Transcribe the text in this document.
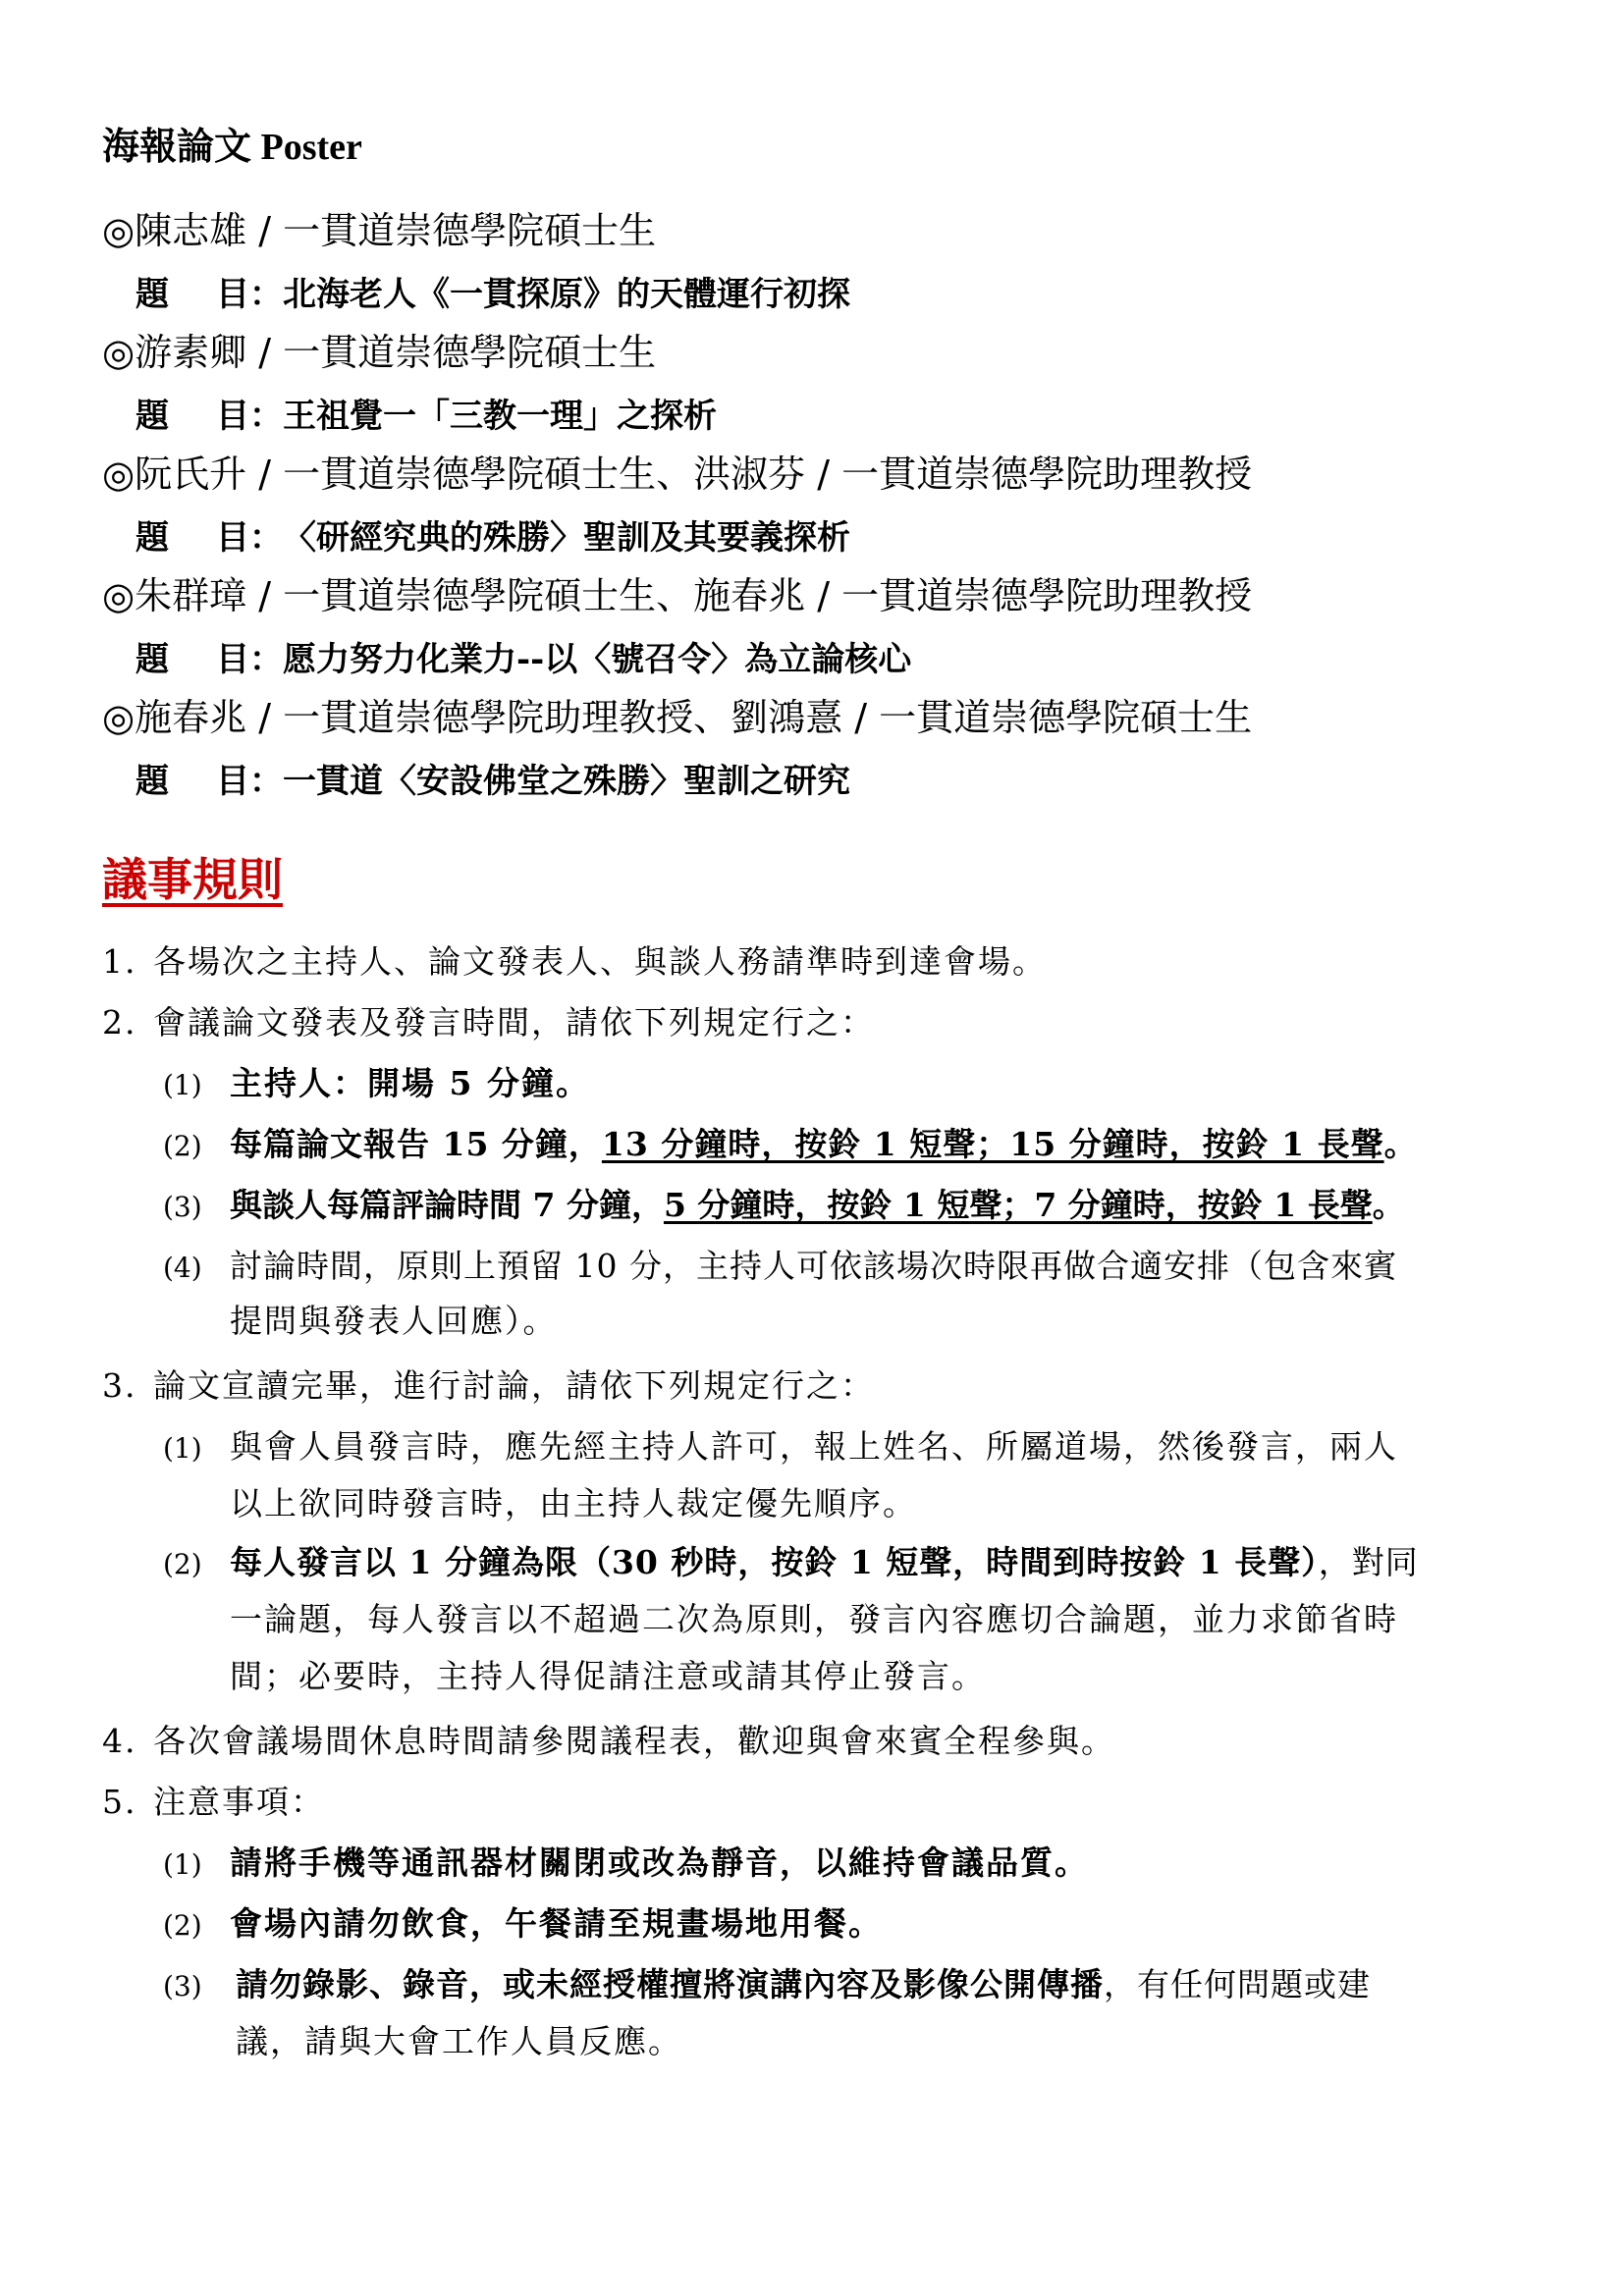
海報論文 Poster
◎陳志雄 / 一貫道崇德學院碩士生
題 目：北海老人《一貫探原》的天體運行初探
◎游素卿 / 一貫道崇德學院碩士生
題 目：王祖覺一「三教一理」之探析
◎阮氏升 / 一貫道崇德學院碩士生、洪淑芬 / 一貫道崇德學院助理教授
題 目：〈研經究典的殊勝〉聖訓及其要義探析
◎朱群璋 / 一貫道崇德學院碩士生、施春兆 / 一貫道崇德學院助理教授
題 目：愿力努力化業力--以〈號召令〉為立論核心
◎施春兆 / 一貫道崇德學院助理教授、劉鴻憙 / 一貫道崇德學院碩士生
題 目：一貫道〈安設佛堂之殊勝〉聖訓之研究
議事規則
1. 各場次之主持人、論文發表人、與談人務請準時到達會場。
2. 會議論文發表及發言時間，請依下列規定行之：
(1) 主持人：開場 5 分鐘。
(2) 每篇論文報告 15 分鐘，13 分鐘時，按鈴 1 短聲；15 分鐘時，按鈴 1 長聲。
(3) 與談人每篇評論時間 7 分鐘，5 分鐘時，按鈴 1 短聲；7 分鐘時，按鈴 1 長聲。
(4) 討論時間，原則上預留 10 分，主持人可依該場次時限再做合適安排（包含來賓
提問與發表人回應）。
3. 論文宣讀完畢，進行討論，請依下列規定行之：
(1) 與會人員發言時，應先經主持人許可，報上姓名、所屬道場，然後發言，兩人
以上欲同時發言時，由主持人裁定優先順序。
(2) 每人發言以 1 分鐘為限（30 秒時，按鈴 1 短聲，時間到時按鈴 1 長聲），對同
一論題，每人發言以不超過二次為原則，發言內容應切合論題，並力求節省時
間；必要時，主持人得促請注意或請其停止發言。
4. 各次會議場間休息時間請參閱議程表，歡迎與會來賓全程參與。
5. 注意事項：
(1) 請將手機等通訊器材關閉或改為靜音，以維持會議品質。
(2) 會場內請勿飲食，午餐請至規畫場地用餐。
(3) 請勿錄影、錄音，或未經授權擅將演講內容及影像公開傳播，有任何問題或建
議，請與大會工作人員反應。
